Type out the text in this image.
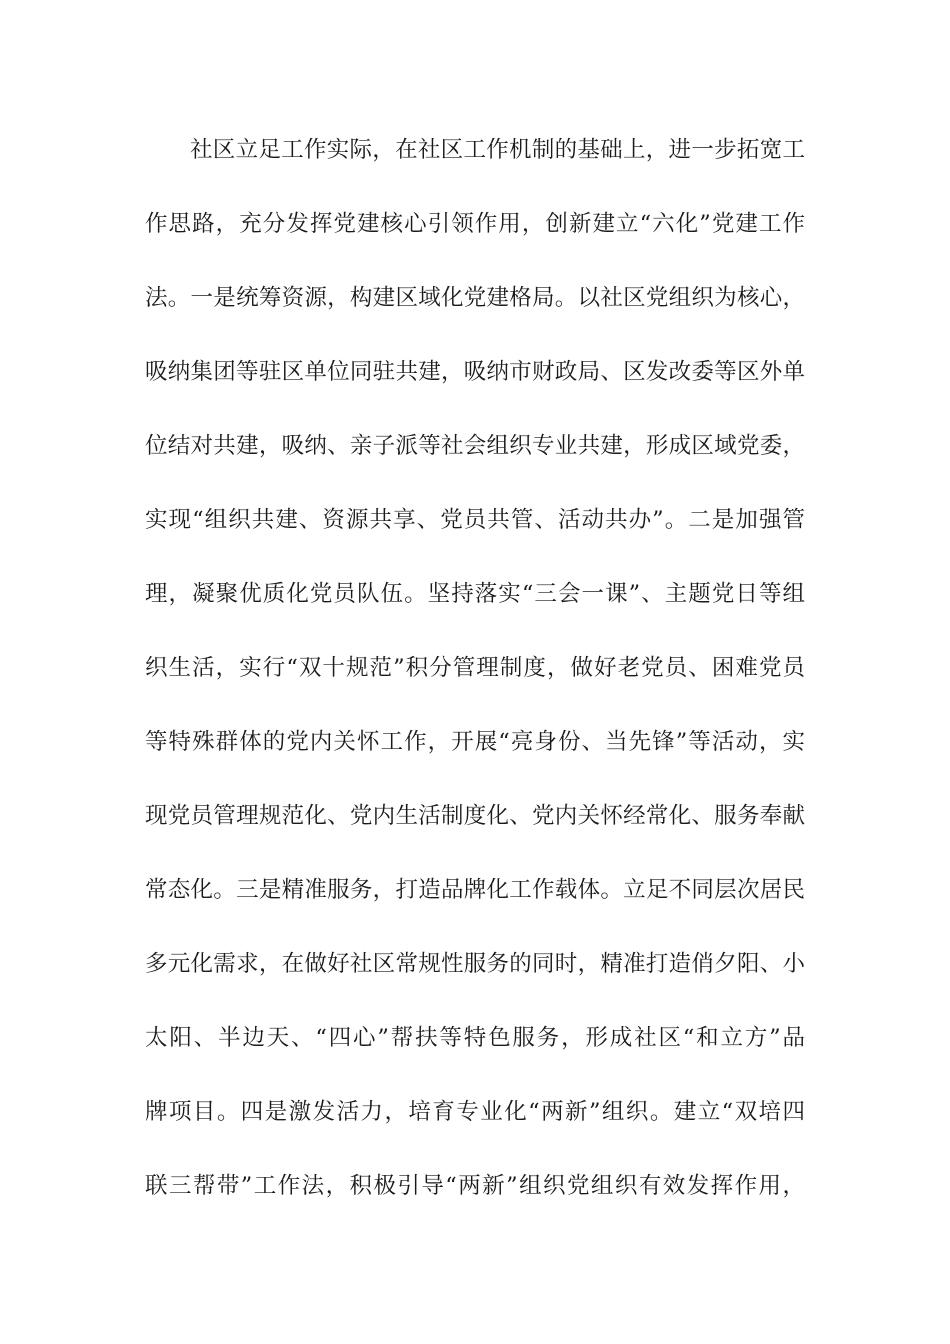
社区立足工作实际，在社区工作机制的基础上，进一步拓宽工
作思路，充分发挥党建核心引领作用，创新建立“六化”党建工作
法。一是统筹资源，构建区域化党建格局。以社区党组织为核心，
吸纳集团等驻区单位同驻共建，吸纳市财政局、区发改委等区外单
位结对共建，吸纳、亲子派等社会组织专业共建，形成区域党委，
实现“组织共建、资源共享、党员共管、活动共办”。二是加强管
理，凝聚优质化党员队伍。坚持落实“三会一课”、主题党日等组
织生活，实行“双十规范”积分管理制度，做好老党员、困难党员
等特殊群体的党内关怀工作，开展“亮身份、当先锋”等活动，实
现党员管理规范化、党内生活制度化、党内关怀经常化、服务奉献
常态化。三是精准服务，打造品牌化工作载体。立足不同层次居民
多元化需求，在做好社区常规性服务的同时，精准打造俏夕阳、小
太阳、半边天、“四心”帮扶等特色服务，形成社区“和立方”品
牌项目。四是激发活力，培育专业化“两新”组织。建立“双培四
联三帮带”工作法，积极引导“两新”组织党组织有效发挥作用，
